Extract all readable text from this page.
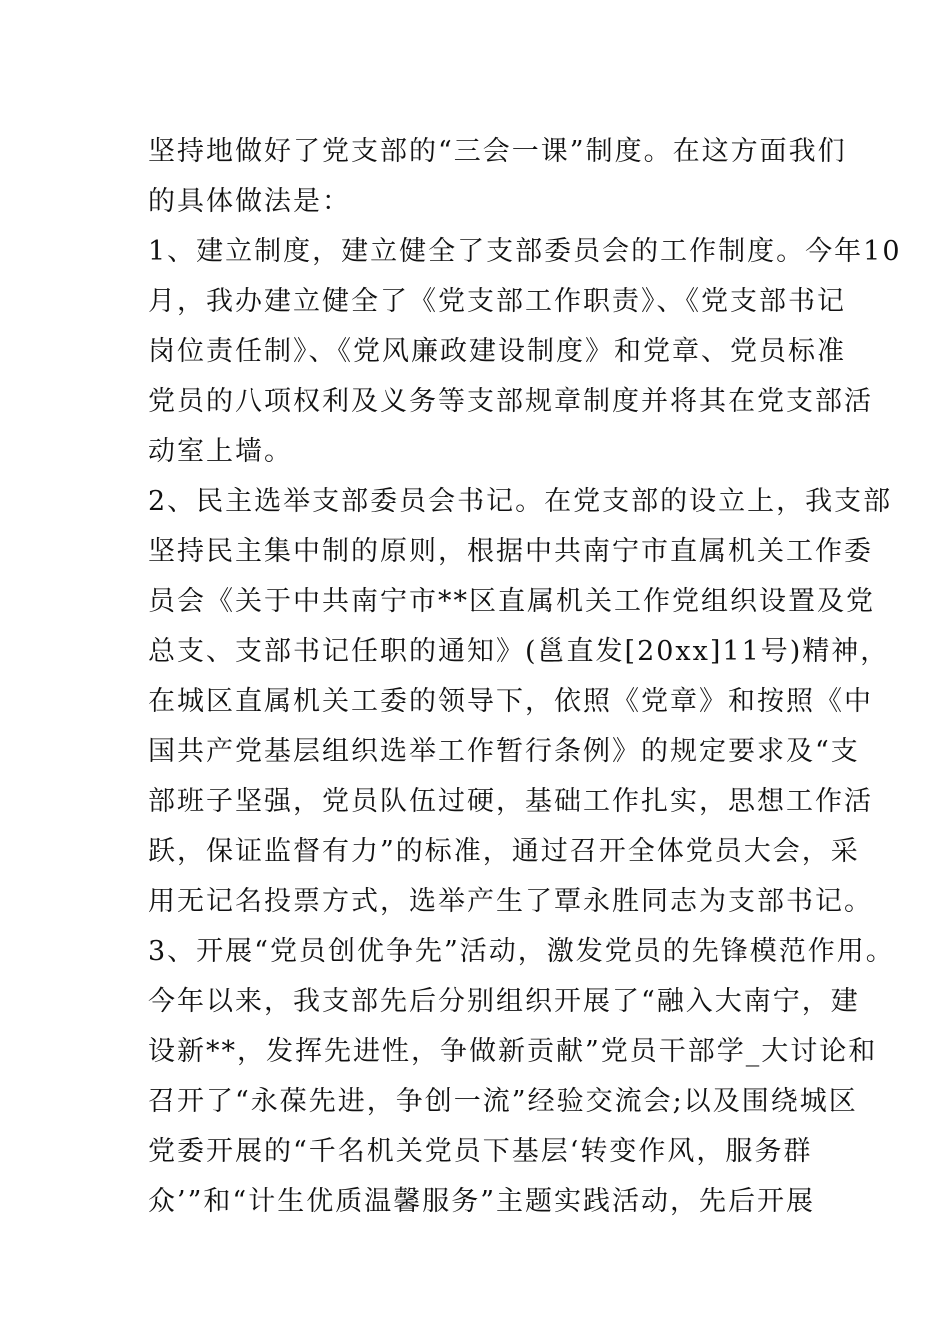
坚持地做好了党支部的“三会一课”制度。在这方面我们
的具体做法是：
1、建立制度，建立健全了支部委员会的工作制度。今年10
月，我办建立健全了《党支部工作职责》、《党支部书记
岗位责任制》、《党风廉政建设制度》和党章、党员标准
党员的八项权利及义务等支部规章制度并将其在党支部活
动室上墙。
2、民主选举支部委员会书记。在党支部的设立上，我支部
坚持民主集中制的原则，根据中共南宁市直属机关工作委
员会《关于中共南宁市**区直属机关工作党组织设置及党
总支、支部书记任职的通知》(邕直发[20xx]11号)精神，
在城区直属机关工委的领导下，依照《党章》和按照《中
国共产党基层组织选举工作暂行条例》的规定要求及“支
部班子坚强，党员队伍过硬，基础工作扎实，思想工作活
跃，保证监督有力”的标准，通过召开全体党员大会，采
用无记名投票方式，选举产生了覃永胜同志为支部书记。
3、开展“党员创优争先”活动，激发党员的先锋模范作用。
今年以来，我支部先后分别组织开展了“融入大南宁，建
设新**，发挥先进性，争做新贡献”党员干部学_大讨论和
召开了“永葆先进，争创一流”经验交流会;以及围绕城区
党委开展的“千名机关党员下基层‘转变作风，服务群
众’”和“计生优质温馨服务”主题实践活动，先后开展
